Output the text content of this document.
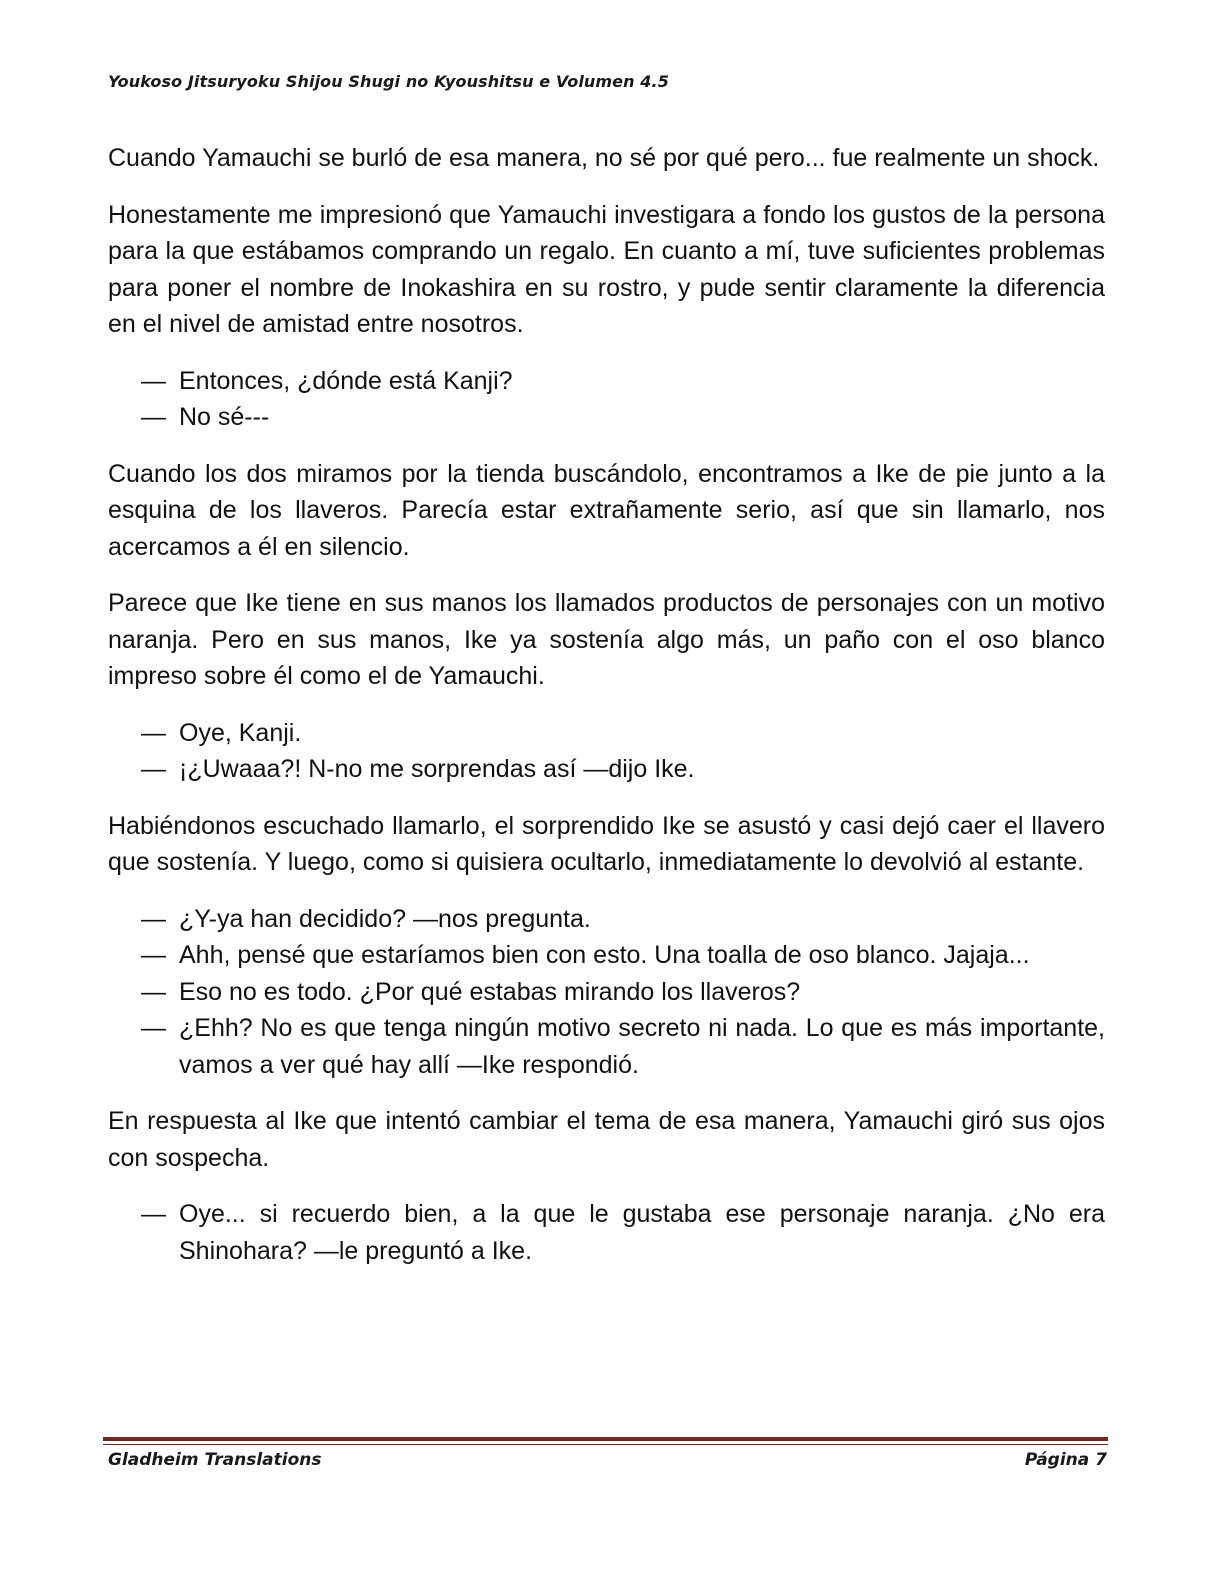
Youkoso Jitsuryoku Shijou Shugi no Kyoushitsu e Volumen 4.5

Cuando Yamauchi se burló de esa manera, no sé por qué pero... fue realmente un shock.

Honestamente me impresionó que Yamauchi investigara a fondo los gustos de la persona para la que estábamos comprando un regalo. En cuanto a mí, tuve suficientes problemas para poner el nombre de Inokashira en su rostro, y pude sentir claramente la diferencia en el nivel de amistad entre nosotros.

— Entonces, ¿dónde está Kanji?
— No sé---

Cuando los dos miramos por la tienda buscándolo, encontramos a Ike de pie junto a la esquina de los llaveros. Parecía estar extrañamente serio, así que sin llamarlo, nos acercamos a él en silencio.

Parece que Ike tiene en sus manos los llamados productos de personajes con un motivo naranja. Pero en sus manos, Ike ya sostenía algo más, un paño con el oso blanco impreso sobre él como el de Yamauchi.

— Oye, Kanji.
— ¡¿Uwaaa?! N-no me sorprendas así —dijo Ike.

Habiéndonos escuchado llamarlo, el sorprendido Ike se asustó y casi dejó caer el llavero que sostenía. Y luego, como si quisiera ocultarlo, inmediatamente lo devolvió al estante.

— ¿Y-ya han decidido? —nos pregunta.
— Ahh, pensé que estaríamos bien con esto. Una toalla de oso blanco. Jajaja...
— Eso no es todo. ¿Por qué estabas mirando los llaveros?
— ¿Ehh? No es que tenga ningún motivo secreto ni nada. Lo que es más importante, vamos a ver qué hay allí —Ike respondió.

En respuesta al Ike que intentó cambiar el tema de esa manera, Yamauchi giró sus ojos con sospecha.

— Oye... si recuerdo bien, a la que le gustaba ese personaje naranja. ¿No era Shinohara? —le preguntó a Ike.
Gladheim Translations	Página 7
